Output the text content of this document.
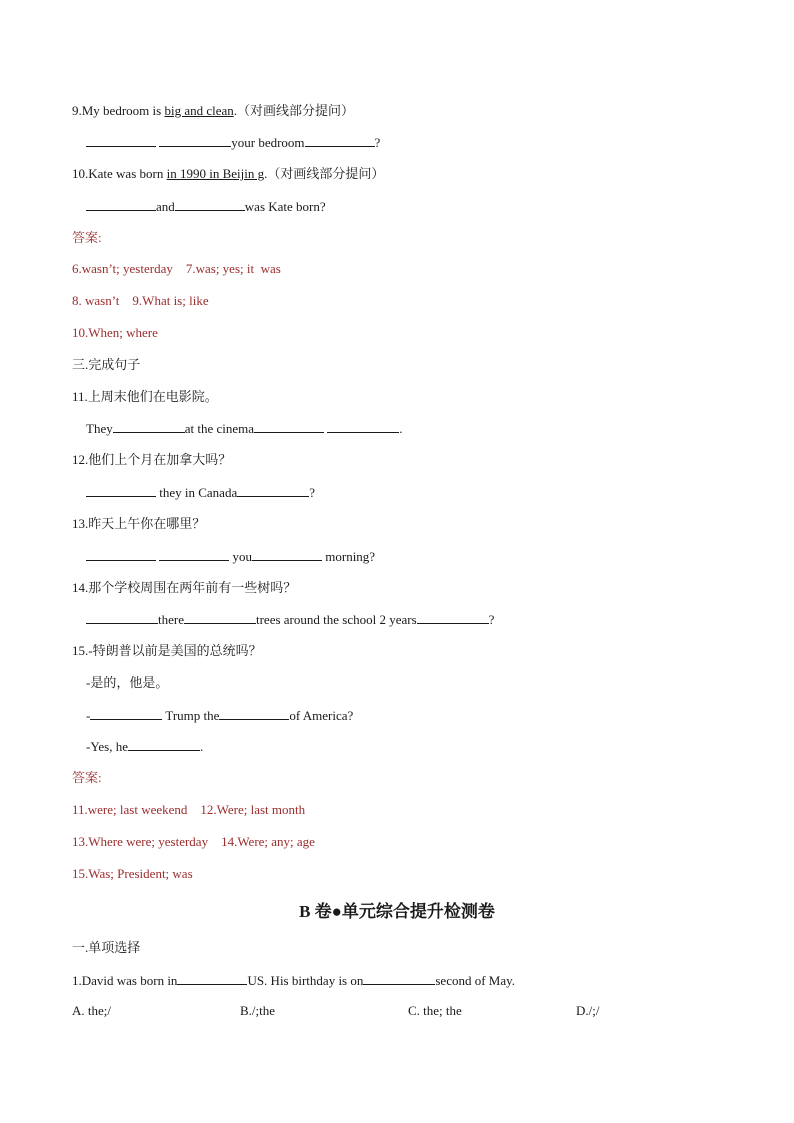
9.My bedroom is big and clean.（对画线部分提问）
your bedroom	?
10.Kate was born in 1990 in Beijin g.（对画线部分提问）
and	was Kate born?
答案:
6.wasn’t; yesterday    7.was; yes; it  was
8. wasn’t    9.What is; like
10.When; where
三.完成句子
11.上周末他们在电影院。
They	at the cinema	.
12.他们上个月在加拿大吗？
they in Canada	?
13.昨天上午你在哪里？
you	morning?
14.那个学校周围在两年前有一些树吗？
there	trees around the school 2 years	?
15.-特朗普以前是美国的总统吗？
-是的，他是。
-	Trump the	of America?
-Yes, he	.
答案:
11.were; last weekend    12.Were; last month
13.Where were; yesterday    14.Were; any; age
15.Was; President; was
B 卷●单元综合提升检测卷
一.单项选择
1.David was born in	US. His birthday is on	second of May.
A. the;/	B./;the	C. the; the	D./;/
